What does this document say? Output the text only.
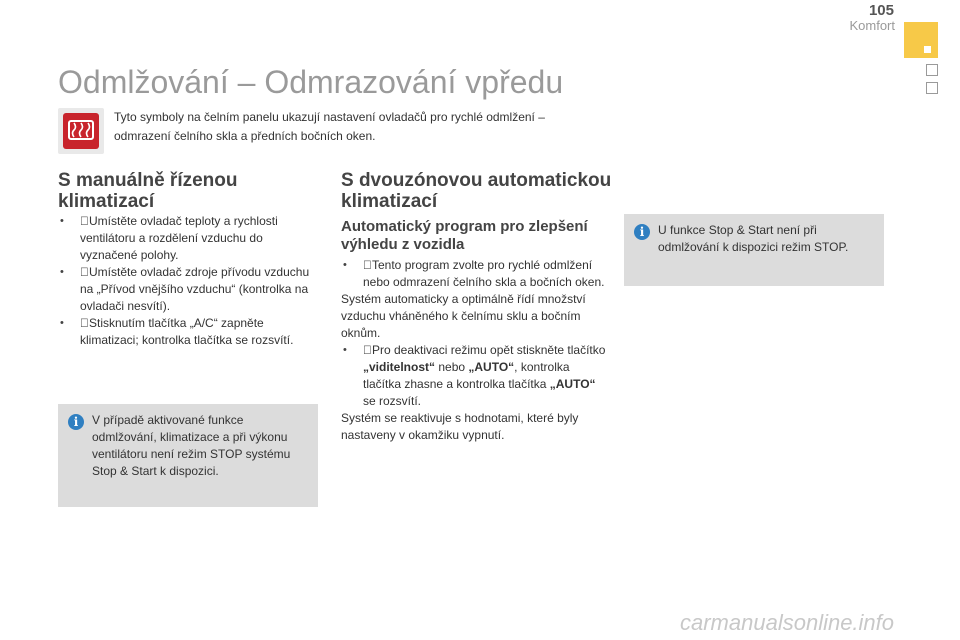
105
Komfort
Odmlžování – Odmrazování vpředu
Tyto symboly na čelním panelu ukazují nastavení ovladačů pro rychlé odmlžení – odmrazení čelního skla a předních bočních oken.
S manuálně řízenou klimatizací
• Umístěte ovladač teploty a rychlosti ventilátoru a rozdělení vzduchu do vyznačené polohy.
• Umístěte ovladač zdroje přívodu vzduchu na „Přívod vnějšího vzduchu“ (kontrolka na ovladači nesvítí).
• Stisknutím tlačítka „A/C“ zapněte klimatizaci; kontrolka tlačítka se rozsvítí.
i	V případě aktivované funkce odmlžování, klimatizace a při výkonu ventilátoru není režim STOP systému Stop & Start k dispozici.
S dvouzónovou automatickou klimatizací
Automatický program pro zlepšení výhledu z vozidla
• Tento program zvolte pro rychlé odmlžení nebo odmrazení čelního skla a bočních oken.
Systém automaticky a optimálně řídí množství vzduchu vháněného k čelnímu sklu a bočním oknům.
• Pro deaktivaci režimu opět stiskněte tlačítko „viditelnost“ nebo „AUTO“, kontrolka tlačítka zhasne a kontrolka tlačítka „AUTO“ se rozsvítí.
Systém se reaktivuje s hodnotami, které byly nastaveny v okamžiku vypnutí.
i	U funkce Stop & Start není při odmlžování k dispozici režim STOP.
carmanualsonline.info
